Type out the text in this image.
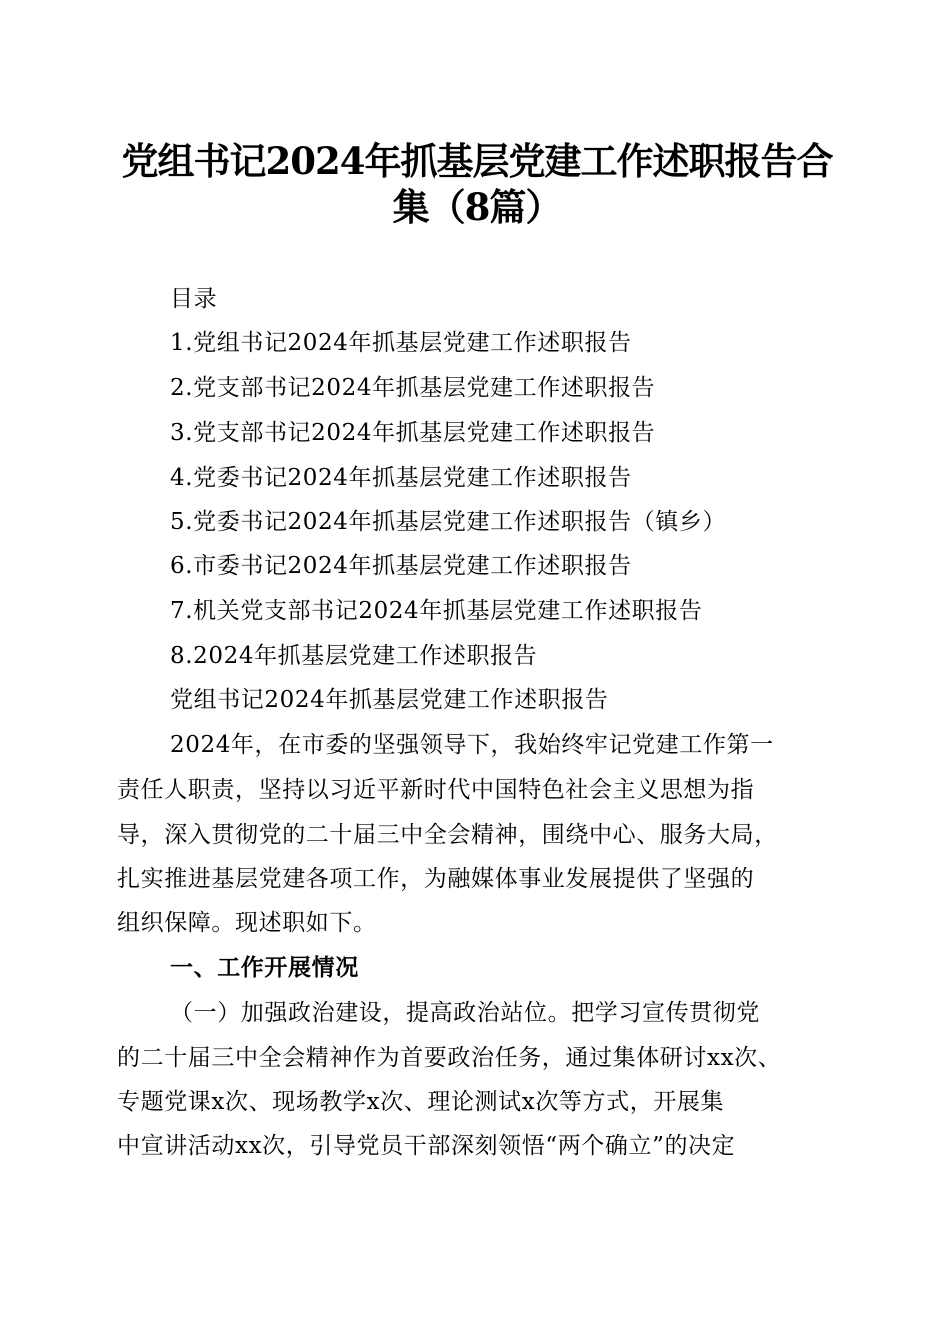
党组书记2024年抓基层党建工作述职报告合
集（8篇）
目录
1.党组书记2024年抓基层党建工作述职报告
2.党支部书记2024年抓基层党建工作述职报告
3.党支部书记2024年抓基层党建工作述职报告
4.党委书记2024年抓基层党建工作述职报告
5.党委书记2024年抓基层党建工作述职报告（镇乡）
6.市委书记2024年抓基层党建工作述职报告
7.机关党支部书记2024年抓基层党建工作述职报告
8.2024年抓基层党建工作述职报告
党组书记2024年抓基层党建工作述职报告
2024年，在市委的坚强领导下，我始终牢记党建工作第一
责任人职责，坚持以习近平新时代中国特色社会主义思想为指
导，深入贯彻党的二十届三中全会精神，围绕中心、服务大局，
扎实推进基层党建各项工作，为融媒体事业发展提供了坚强的
组织保障。现述职如下。
一、工作开展情况
（一）加强政治建设，提高政治站位。把学习宣传贯彻党
的二十届三中全会精神作为首要政治任务，通过集体研讨xx次、
专题党课x次、现场教学x次、理论测试x次等方式，开展集
中宣讲活动xx次，引导党员干部深刻领悟“两个确立”的决定
